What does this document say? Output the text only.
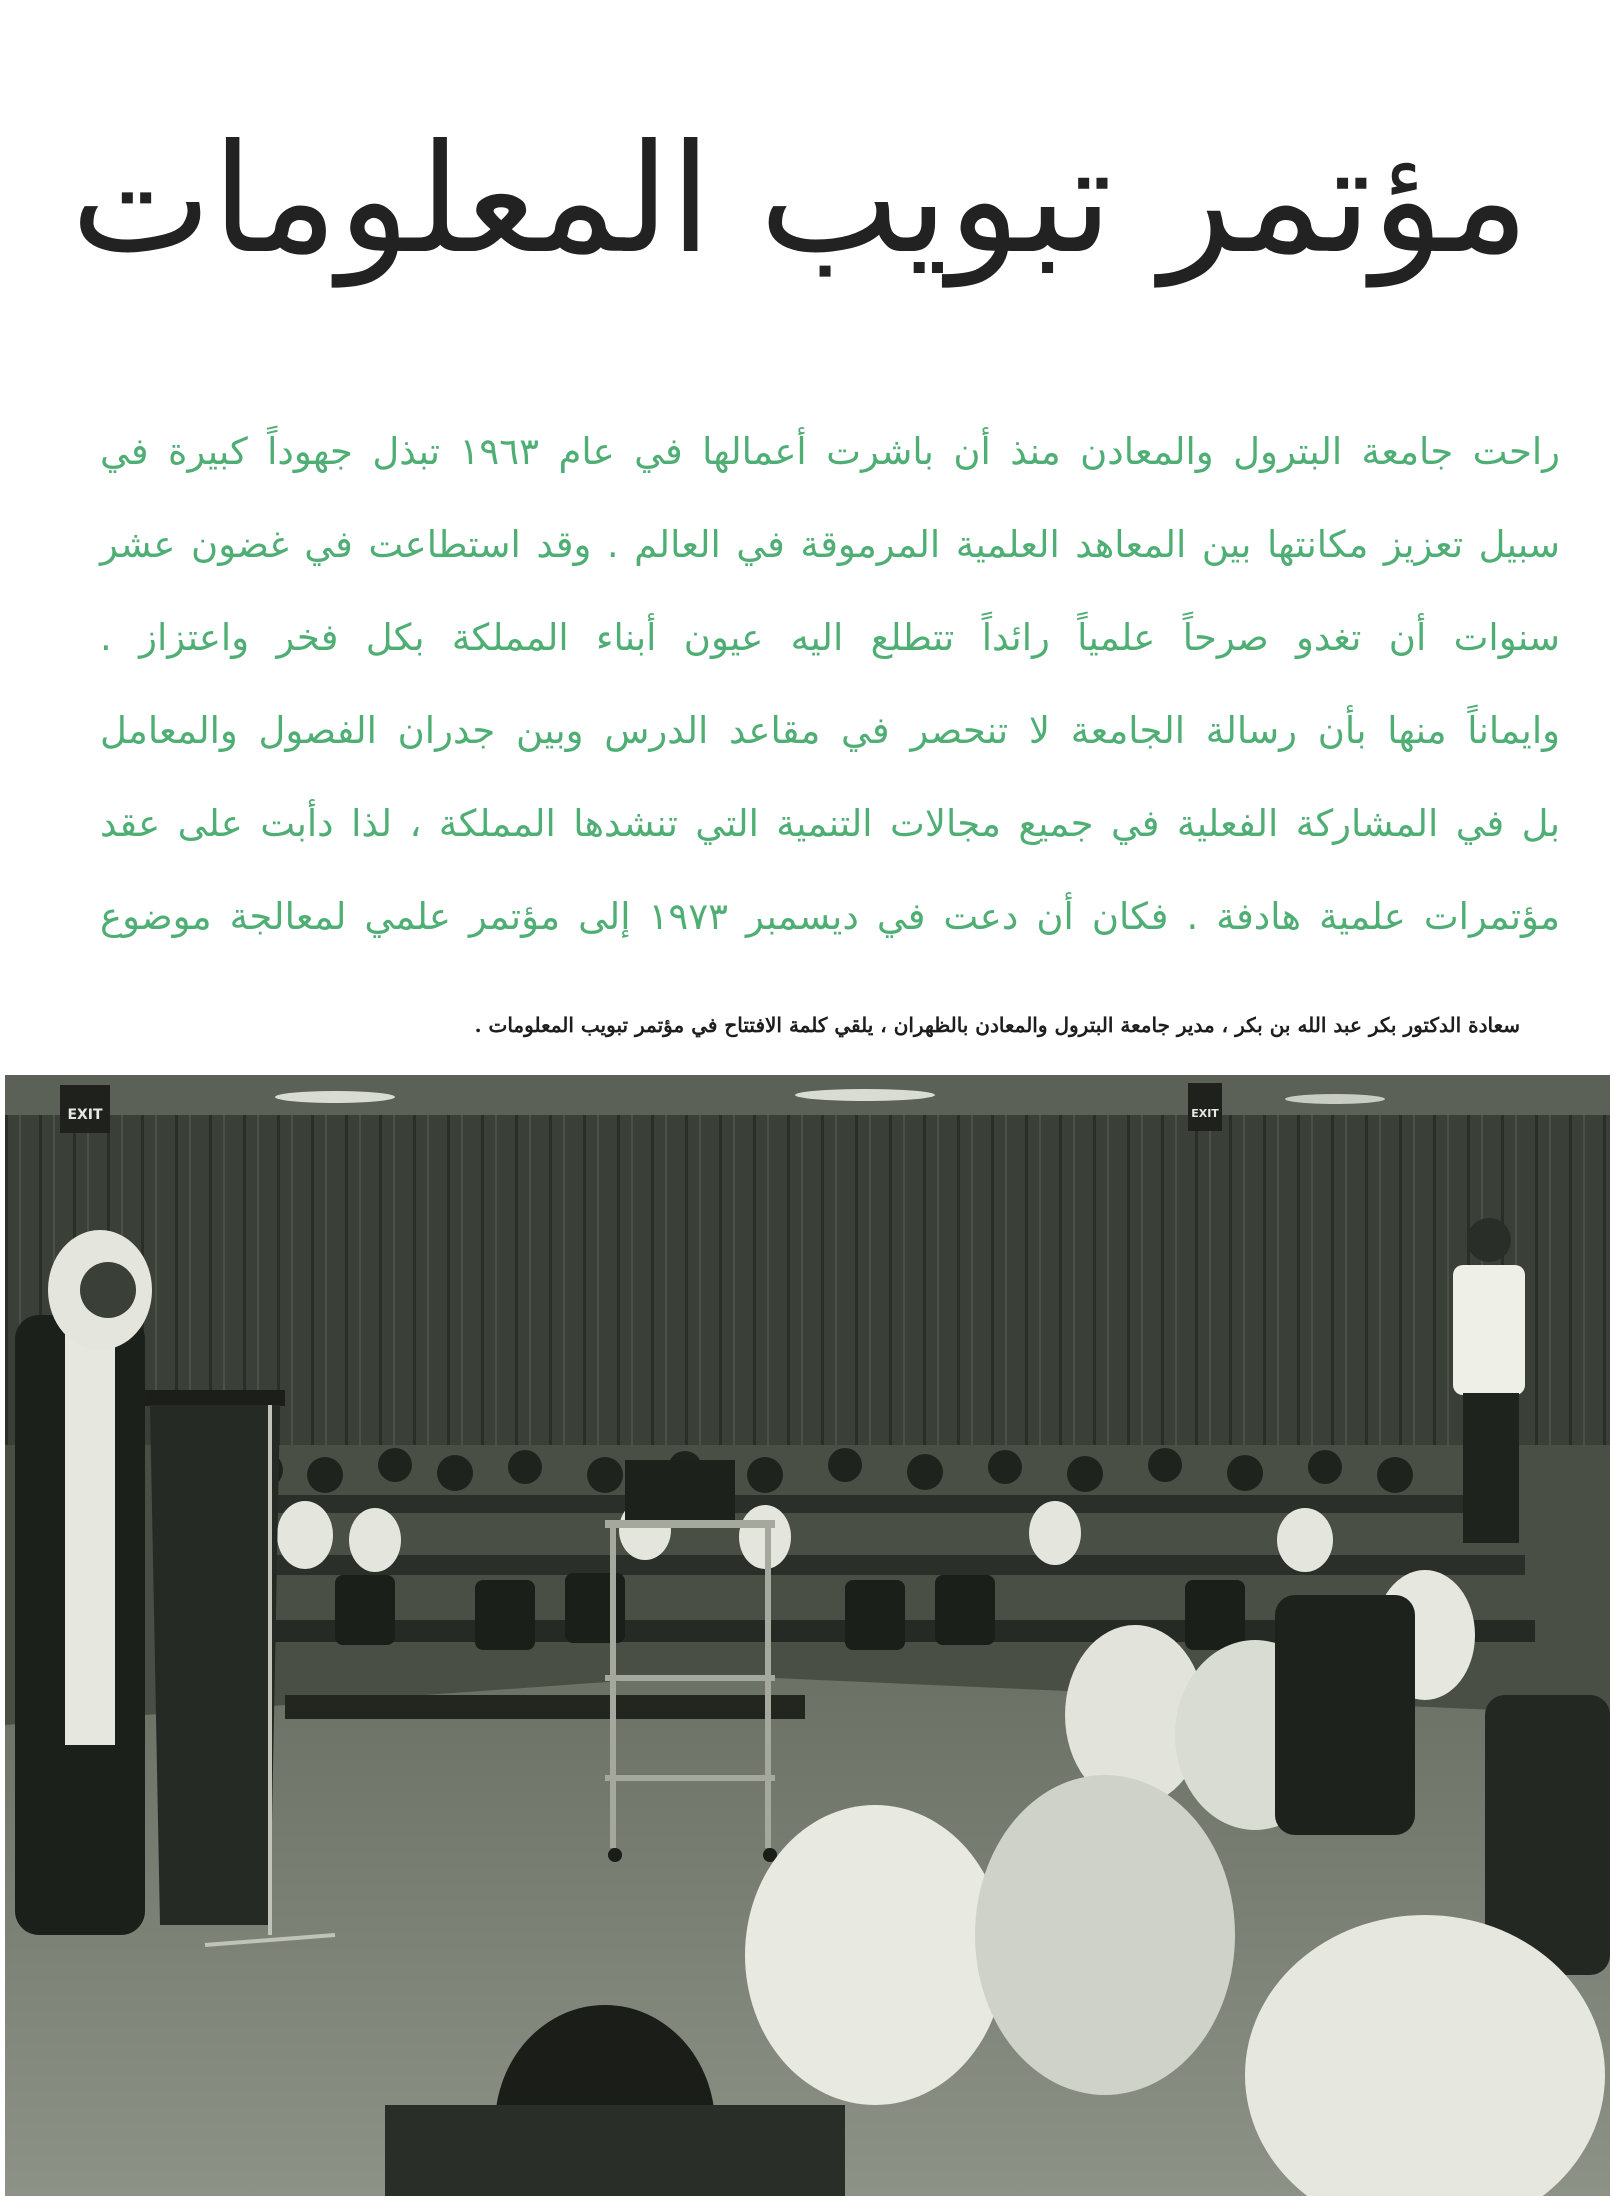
مؤتمر تبويب المعلومات
راحت جامعة البترول والمعادن منذ أن باشرت أعمالها في عام ١٩٦٣ تبذل جهوداً كبيرة في
سبيل تعزيز مكانتها بين المعاهد العلمية المرموقة في العالم . وقد استطاعت في غضون عشر
سنوات أن تغدو صرحاً علمياً رائداً تتطلع اليه عيون أبناء المملكة بكل فخر واعتزاز .
وايماناً منها بأن رسالة الجامعة لا تنحصر في مقاعد الدرس وبين جدران الفصول والمعامل
بل في المشاركة الفعلية في جميع مجالات التنمية التي تنشدها المملكة ، لذا دأبت على عقد
مؤتمرات علمية هادفة . فكان أن دعت في ديسمبر ١٩٧٣ إلى مؤتمر علمي لمعالجة موضوع
سعادة الدكتور بكر عبد الله بن بكر ، مدير جامعة البترول والمعادن بالظهران ، يلقي كلمة الافتتاح في مؤتمر تبويب المعلومات .
EXIT	EXIT
